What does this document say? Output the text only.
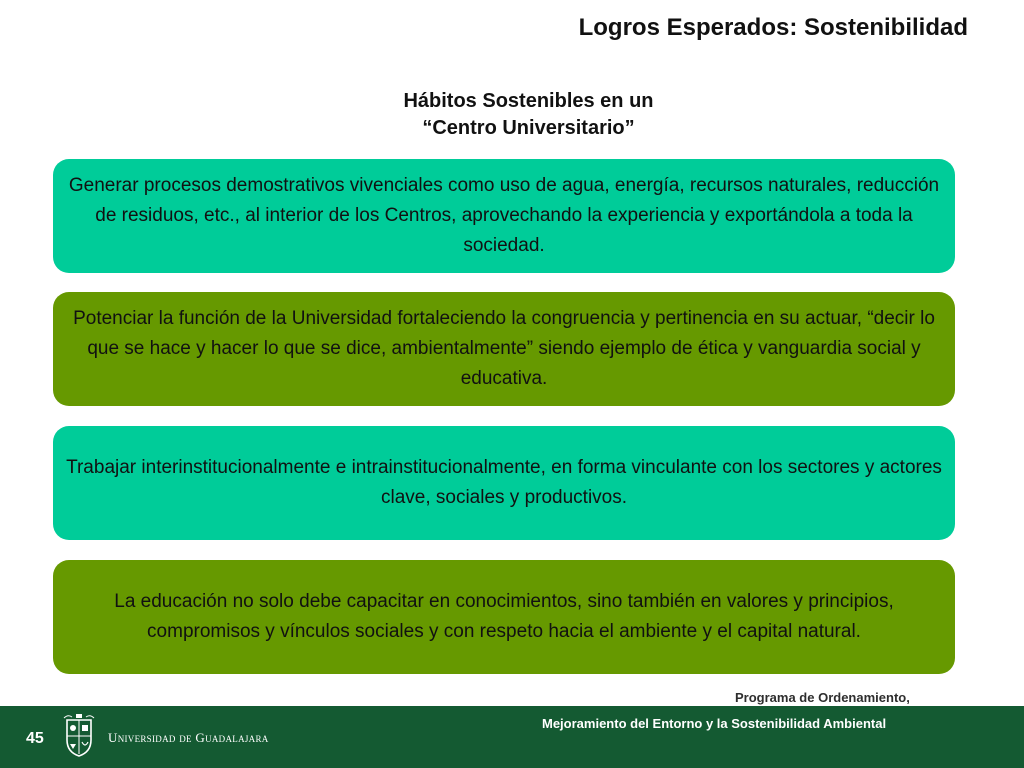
Logros Esperados: Sostenibilidad
Hábitos Sostenibles en un
“Centro Universitario”
Generar procesos demostrativos vivenciales como uso de agua, energía, recursos naturales, reducción de residuos, etc., al interior de los Centros, aprovechando la experiencia y exportándola a toda la sociedad.
Potenciar la función de la Universidad fortaleciendo la congruencia y pertinencia en su actuar, “decir lo que se hace y hacer lo que se dice, ambientalmente” siendo ejemplo de ética y vanguardia social y educativa.
Trabajar interinstitucionalmente e intrainstitucionalmente, en forma vinculante con los sectores y actores clave, sociales y productivos.
La educación no solo debe capacitar en conocimientos, sino también en valores y principios, compromisos y vínculos sociales y con respeto hacia el ambiente y el capital natural.
Programa de Ordenamiento,
45	Universidad de Guadalajara
Mejoramiento del Entorno y la Sostenibilidad Ambiental
